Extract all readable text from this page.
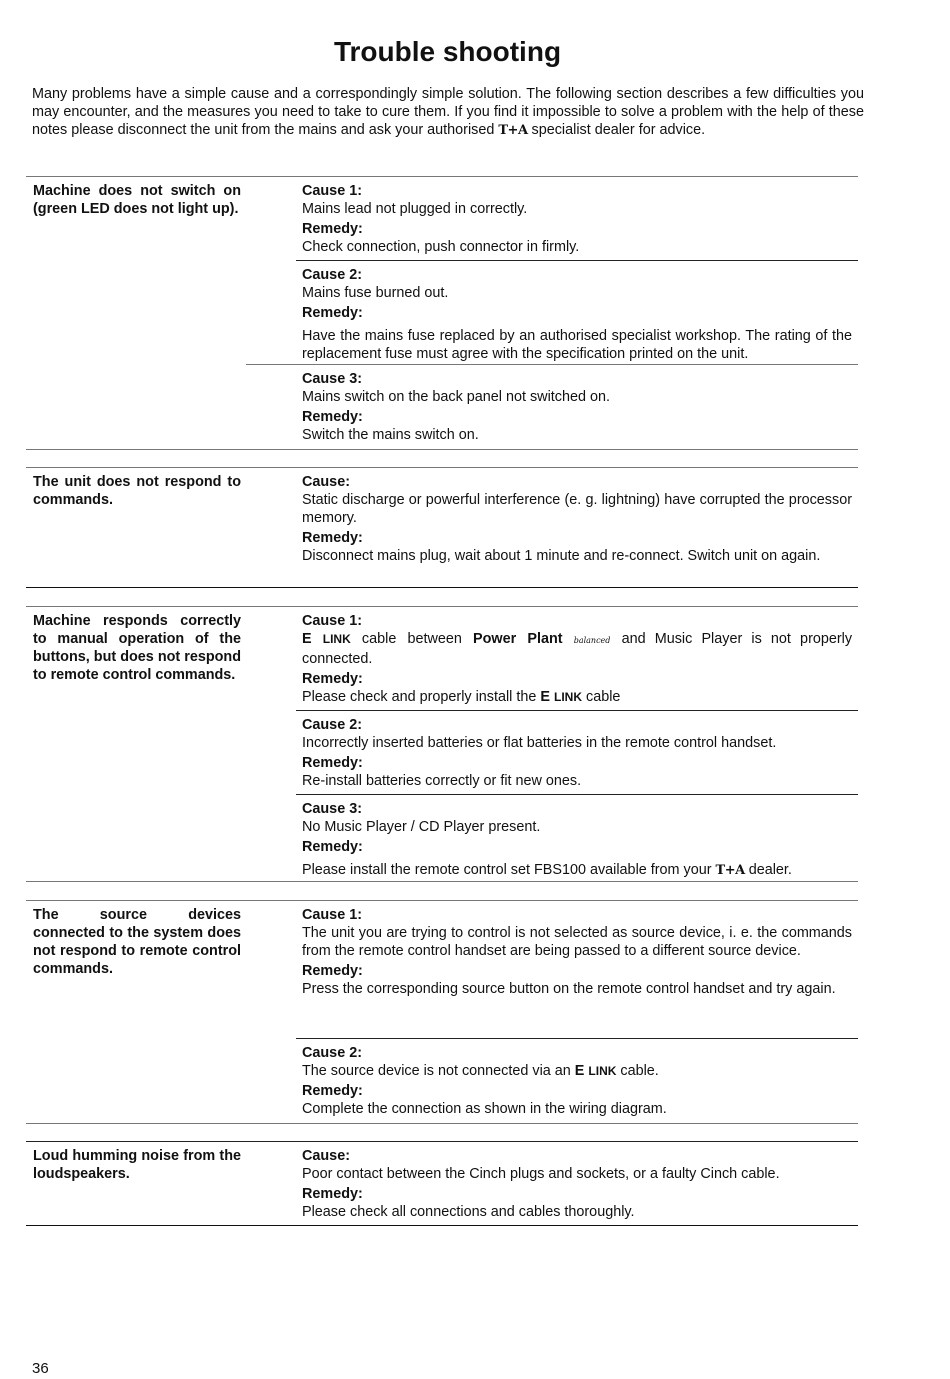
Trouble shooting

Many problems have a simple cause and a correspondingly simple solution. The following section describes a few difficulties you may encounter, and the measures you need to take to cure them. If you find it impossible to solve a problem with the help of these notes please disconnect the unit from the mains and ask your authorised T+A specialist dealer for advice.

Machine does not switch on (green LED does not light up).

Cause 1:
Mains lead not plugged in correctly.
Remedy:
Check connection, push connector in firmly.
Cause 2:
Mains fuse burned out.
Remedy:
Have the mains fuse replaced by an authorised specialist workshop. The rating of the replacement fuse must agree with the specification printed on the unit.
Cause 3:
Mains switch on the back panel not switched on.
Remedy:
Switch the mains switch on.

The unit does not respond to commands.

Cause:
Static discharge or powerful interference (e. g. lightning) have corrupted the processor memory.
Remedy:
Disconnect mains plug, wait about 1 minute and re-connect. Switch unit on again.

Machine responds correctly to manual operation of the buttons, but does not respond to remote control commands.

Cause 1:
E LINK cable between Power Plant balanced and Music Player is not properly connected.
Remedy:
Please check and properly install the E LINK cable
Cause 2:
Incorrectly inserted batteries or flat batteries in the remote control handset.
Remedy:
Re-install batteries correctly or fit new ones.
Cause 3:
No Music Player / CD Player present.
Remedy:
Please install the remote control set FBS100 available from your T+A dealer.

The source devices connected to the system does not respond to remote control commands.

Cause 1:
The unit you are trying to control is not selected as source device, i. e. the commands from the remote control handset are being passed to a different source device.
Remedy:
Press the corresponding source button on the remote control handset and try again.
Cause 2:
The source device is not connected via an E LINK cable.
Remedy:
Complete the connection as shown in the wiring diagram.

Loud humming noise from the loudspeakers.

Cause:
Poor contact between the Cinch plugs and sockets, or a faulty Cinch cable.
Remedy:
Please check all connections and cables thoroughly.
36
